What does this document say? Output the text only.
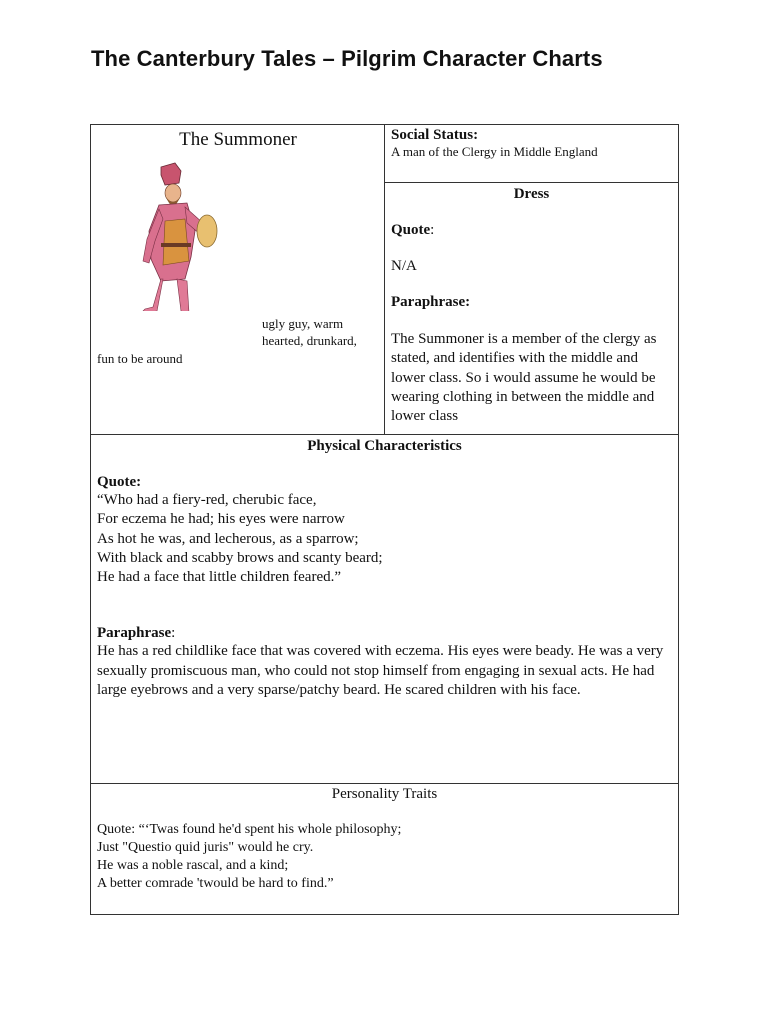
The Canterbury Tales – Pilgrim Character Charts
The Summoner
ugly guy, warm hearted, drunkard,
fun to be around
Social Status:
A man of the Clergy in Middle England
Dress
Quote:
N/A
Paraphrase:
The Summoner is a member of the clergy as stated, and identifies with the middle and lower class. So i would assume he would be wearing clothing in between the middle and lower class
Physical Characteristics
Quote:
“Who had a fiery-red, cherubic face,
For eczema he had; his eyes were narrow
As hot he was, and lecherous, as a sparrow;
With black and scabby brows and scanty beard;
He had a face that little children feared.”
Paraphrase:
He has a red childlike face that was covered with eczema. His eyes were beady. He was a very sexually promiscuous man, who could not stop himself from engaging in sexual acts. He had large eyebrows and a very sparse/patchy beard. He scared children with his face.
Personality Traits
Quote: “‘Twas found he'd spent his whole philosophy;
Just "Questio quid juris" would he cry.
He was a noble rascal, and a kind;
A better comrade 'twould be hard to find.”
